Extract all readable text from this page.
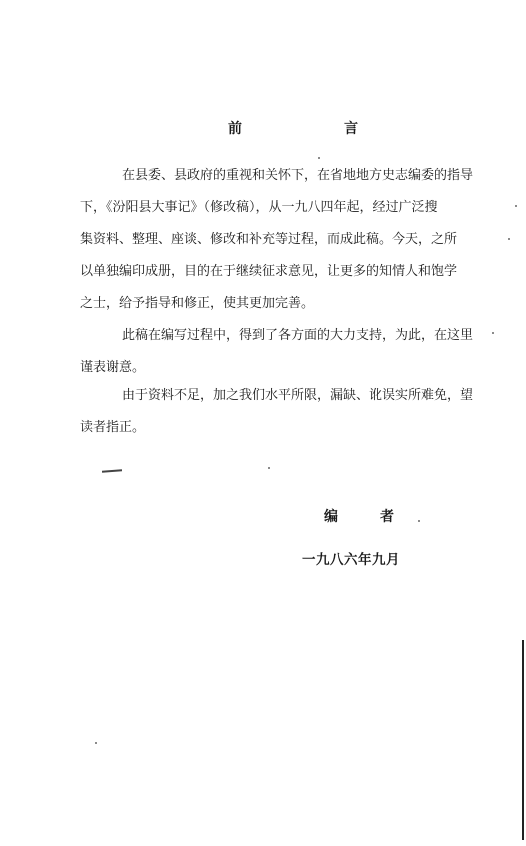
前	言
在县委、县政府的重视和关怀下，在省地地方史志编委的指导
下，《汾阳县大事记》（修改稿），从一九八四年起，经过广泛搜
集资料、整理、座谈、修改和补充等过程，而成此稿。今天，之所
以单独编印成册，目的在于继续征求意见，让更多的知情人和饱学
之士，给予指导和修正，使其更加完善。
此稿在编写过程中，得到了各方面的大力支持，为此，在这里
谨表谢意。
由于资料不足，加之我们水平所限，漏缺、讹误实所难免，望
读者指正。
编	者
一九八六年九月
